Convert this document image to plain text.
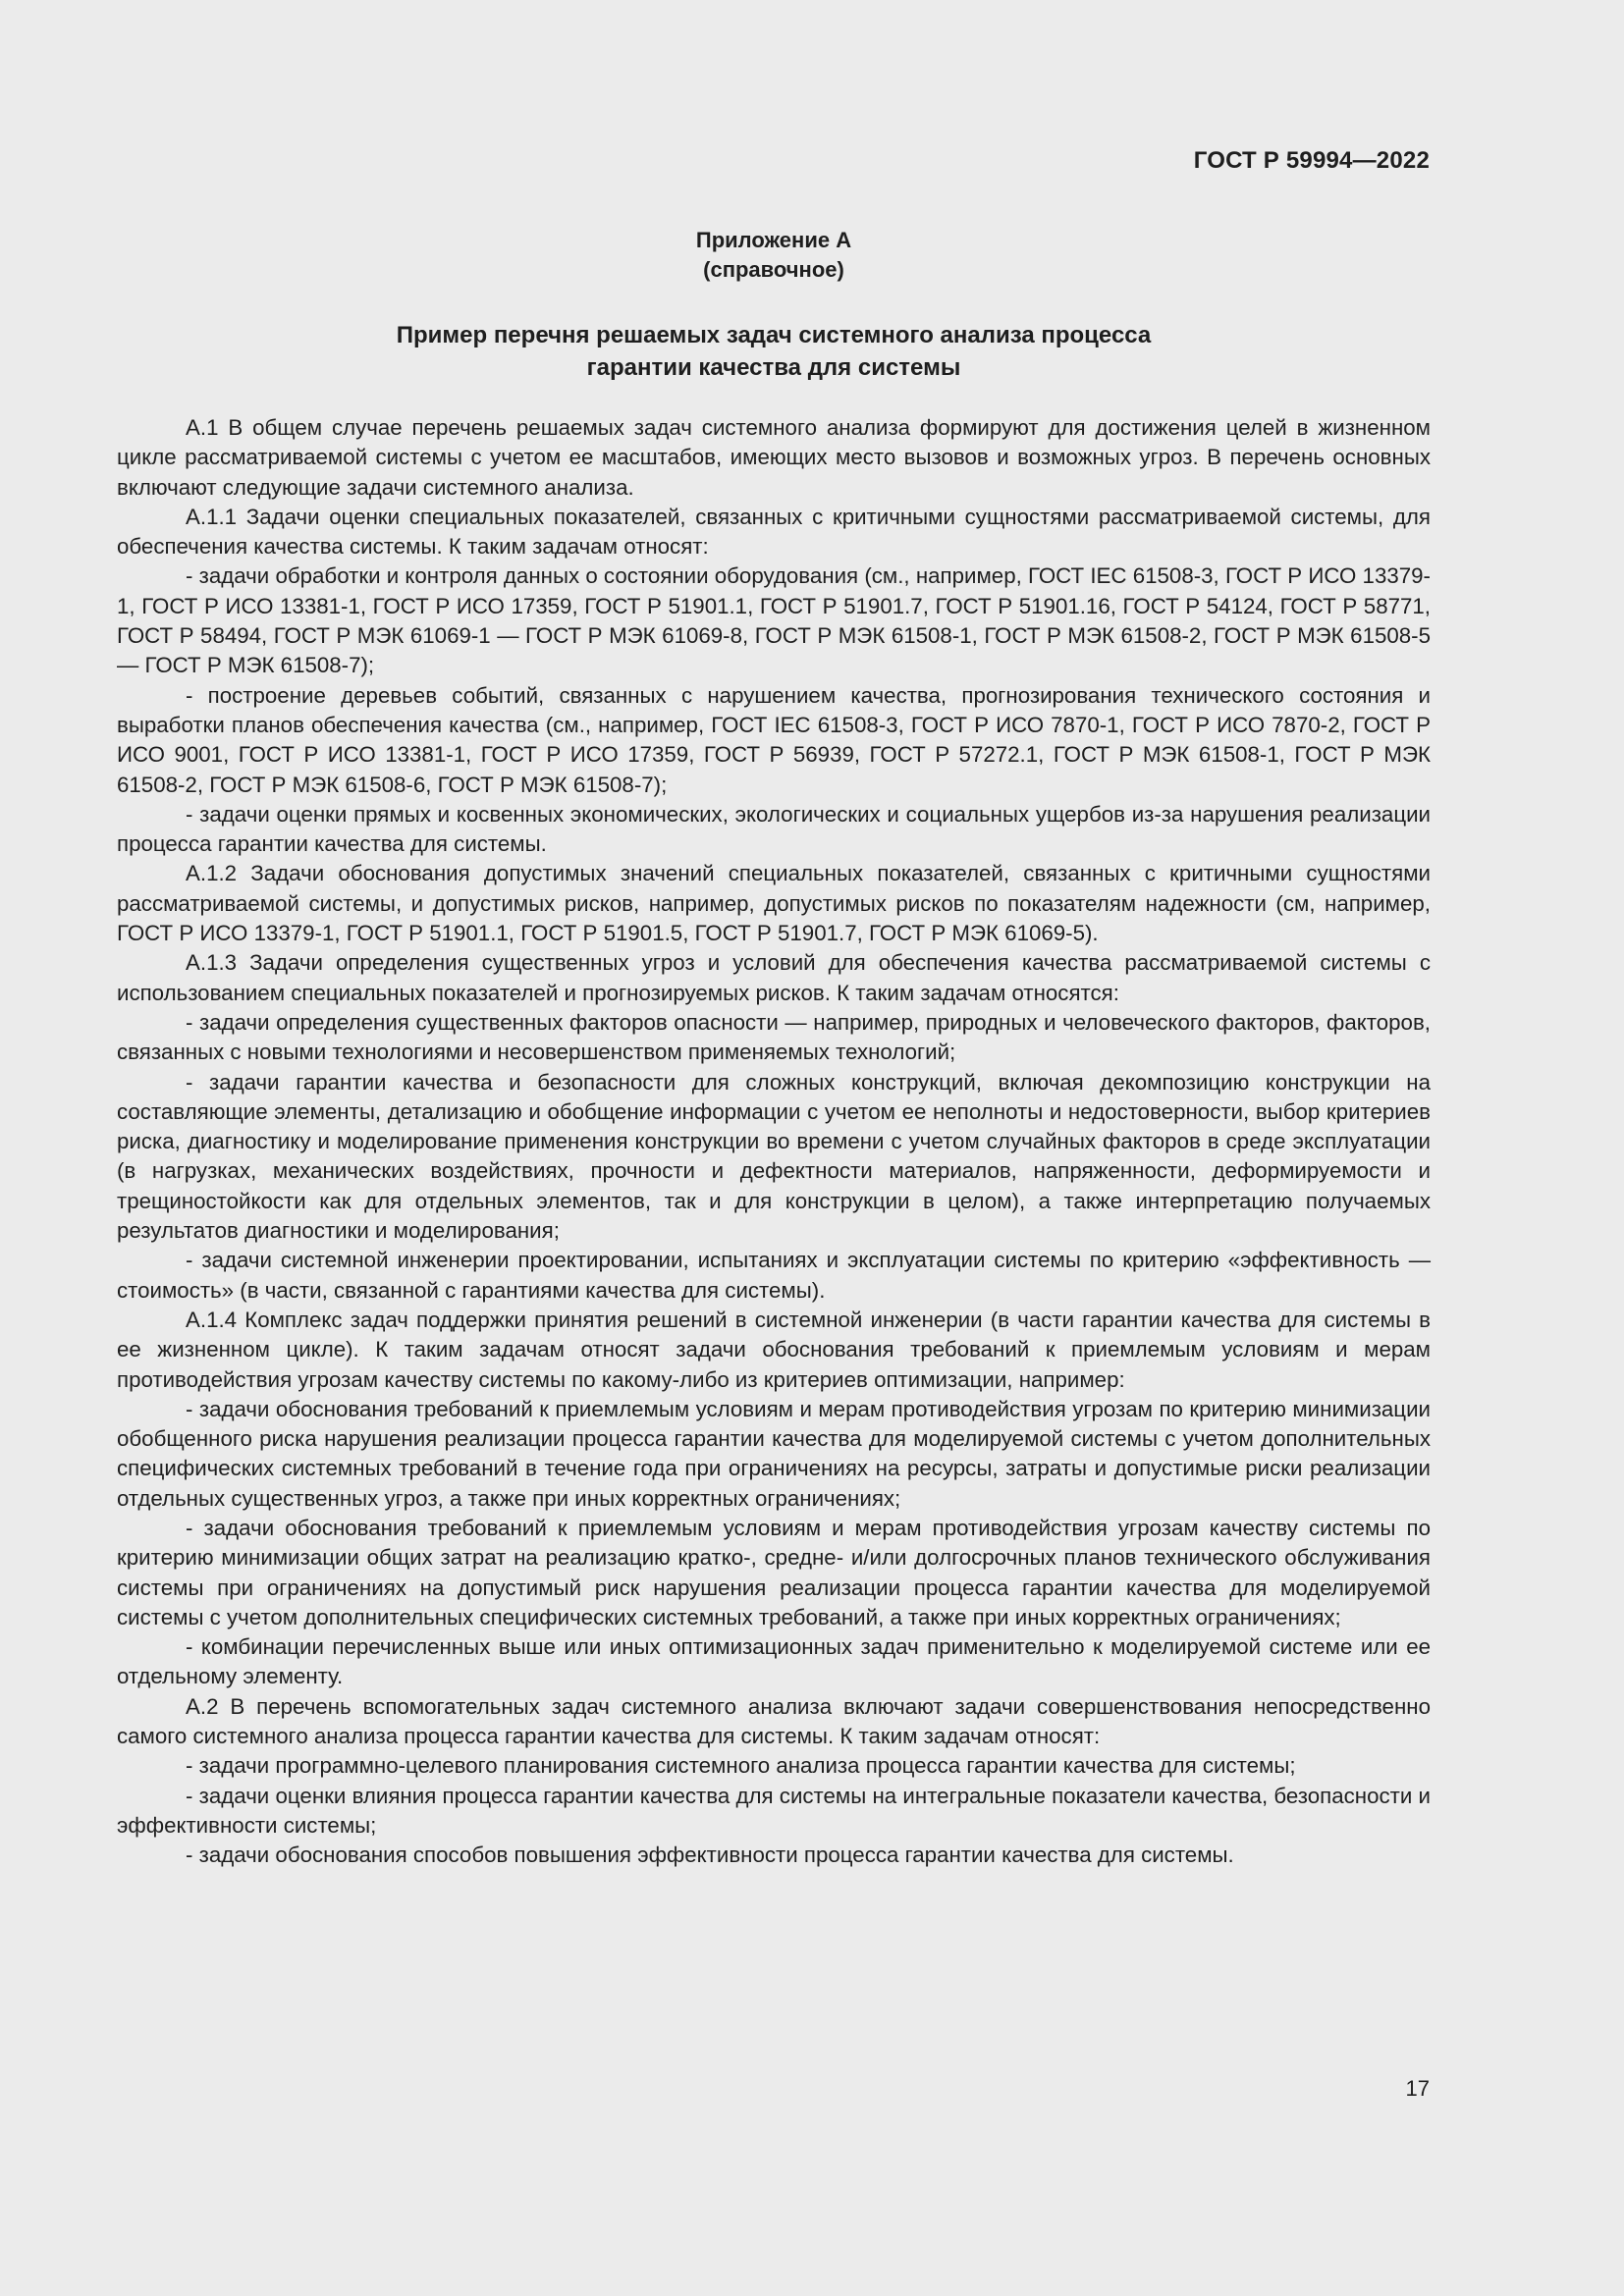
ГОСТ Р 59994—2022
Приложение А
(справочное)
Пример перечня решаемых задач системного анализа процесса
гарантии качества для системы

А.1 В общем случае перечень решаемых задач системного анализа формируют для достижения целей в жизненном цикле рассматриваемой системы с учетом ее масштабов, имеющих место вызовов и возможных угроз. В перечень основных включают следующие задачи системного анализа.

А.1.1 Задачи оценки специальных показателей, связанных с критичными сущностями рассматриваемой системы, для обеспечения качества системы. К таким задачам относят:

- задачи обработки и контроля данных о состоянии оборудования (см., например, ГОСТ IEC 61508-3, ГОСТ Р ИСО 13379-1, ГОСТ Р ИСО 13381-1, ГОСТ Р ИСО 17359, ГОСТ Р 51901.1, ГОСТ Р 51901.7, ГОСТ Р 51901.16, ГОСТ Р 54124, ГОСТ Р 58771, ГОСТ Р 58494, ГОСТ Р МЭК 61069-1 — ГОСТ Р МЭК 61069-8, ГОСТ Р МЭК 61508-1, ГОСТ Р МЭК 61508-2, ГОСТ Р МЭК 61508-5 — ГОСТ Р МЭК 61508-7);

- построение деревьев событий, связанных с нарушением качества, прогнозирования технического состояния и выработки планов обеспечения качества (см., например, ГОСТ IEC 61508-3, ГОСТ Р ИСО 7870-1, ГОСТ Р ИСО 7870-2, ГОСТ Р ИСО 9001, ГОСТ Р ИСО 13381-1, ГОСТ Р ИСО 17359, ГОСТ Р 56939, ГОСТ Р 57272.1, ГОСТ Р МЭК 61508-1, ГОСТ Р МЭК 61508-2, ГОСТ Р МЭК 61508-6, ГОСТ Р МЭК 61508-7);

- задачи оценки прямых и косвенных экономических, экологических и социальных ущербов из-за нарушения реализации процесса гарантии качества для системы.

А.1.2 Задачи обоснования допустимых значений специальных показателей, связанных с критичными сущностями рассматриваемой системы, и допустимых рисков, например, допустимых рисков по показателям надежности (см, например, ГОСТ Р ИСО 13379-1, ГОСТ Р 51901.1, ГОСТ Р 51901.5, ГОСТ Р 51901.7, ГОСТ Р МЭК 61069-5).

А.1.3 Задачи определения существенных угроз и условий для обеспечения качества рассматриваемой системы с использованием специальных показателей и прогнозируемых рисков. К таким задачам относятся:

- задачи определения существенных факторов опасности — например, природных и человеческого факторов, факторов, связанных с новыми технологиями и несовершенством применяемых технологий;

- задачи гарантии качества и безопасности для сложных конструкций, включая декомпозицию конструкции на составляющие элементы, детализацию и обобщение информации с учетом ее неполноты и недостоверности, выбор критериев риска, диагностику и моделирование применения конструкции во времени с учетом случайных факторов в среде эксплуатации (в нагрузках, механических воздействиях, прочности и дефектности материалов, напряженности, деформируемости и трещиностойкости как для отдельных элементов, так и для конструкции в целом), а также интерпретацию получаемых результатов диагностики и моделирования;

- задачи системной инженерии проектировании, испытаниях и эксплуатации системы по критерию «эффективность — стоимость» (в части, связанной с гарантиями качества для системы).

А.1.4 Комплекс задач поддержки принятия решений в системной инженерии (в части гарантии качества для системы в ее жизненном цикле). К таким задачам относят задачи обоснования требований к приемлемым условиям и мерам противодействия угрозам качеству системы по какому-либо из критериев оптимизации, например:

- задачи обоснования требований к приемлемым условиям и мерам противодействия угрозам по критерию минимизации обобщенного риска нарушения реализации процесса гарантии качества для моделируемой системы с учетом дополнительных специфических системных требований в течение года при ограничениях на ресурсы, затраты и допустимые риски реализации отдельных существенных угроз, а также при иных корректных ограничениях;

- задачи обоснования требований к приемлемым условиям и мерам противодействия угрозам качеству системы по критерию минимизации общих затрат на реализацию кратко-, средне- и/или долгосрочных планов технического обслуживания системы при ограничениях на допустимый риск нарушения реализации процесса гарантии качества для моделируемой системы с учетом дополнительных специфических системных требований, а также при иных корректных ограничениях;

- комбинации перечисленных выше или иных оптимизационных задач применительно к моделируемой системе или ее отдельному элементу.

А.2 В перечень вспомогательных задач системного анализа включают задачи совершенствования непосредственно самого системного анализа процесса гарантии качества для системы. К таким задачам относят:

- задачи программно-целевого планирования системного анализа процесса гарантии качества для системы;

- задачи оценки влияния процесса гарантии качества для системы на интегральные показатели качества, безопасности и эффективности системы;

- задачи обоснования способов повышения эффективности процесса гарантии качества для системы.

17
